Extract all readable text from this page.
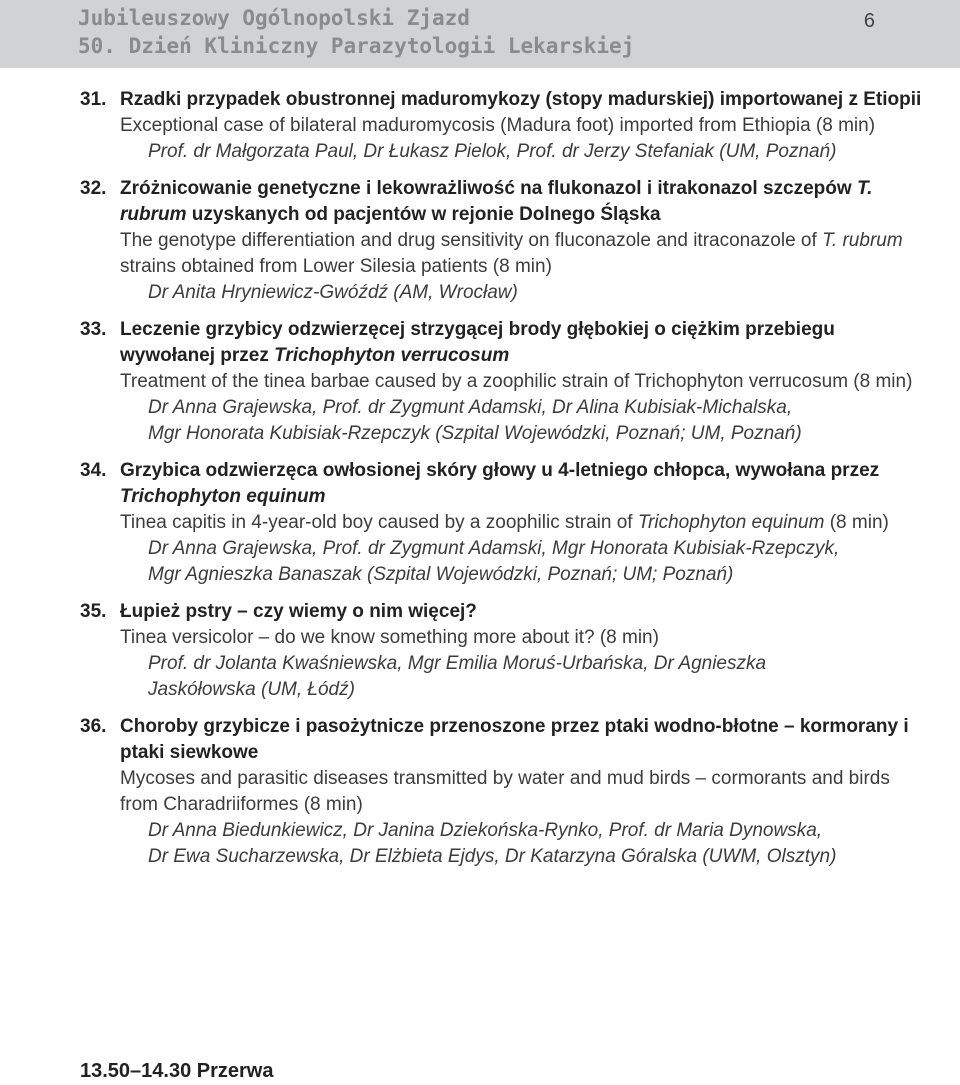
Jubileuszowy Ogólnopolski Zjazd
50. Dzień Kliniczny Parazytologii Lekarskiej
6
31. Rzadki przypadek obustronnej maduromykozy (stopy madurskiej) importowanej z Etiopii
Exceptional case of bilateral maduromycosis (Madura foot) imported from Ethiopia (8 min)
Prof. dr Małgorzata Paul, Dr Łukasz Pielok, Prof. dr Jerzy Stefaniak (UM, Poznań)
32. Zróżnicowanie genetyczne i lekowrażliwość na flukonazol i itrakonazol szczepów T. rubrum uzyskanych od pacjentów w rejonie Dolnego Śląska
The genotype differentiation and drug sensitivity on fluconazole and itraconazole of T. rubrum strains obtained from Lower Silesia patients (8 min)
Dr Anita Hryniewicz-Gwóźdź (AM, Wrocław)
33. Leczenie grzybicy odzwierzęcej strzygącej brody głębokiej o ciężkim przebiegu wywołanej przez Trichophyton verrucosum
Treatment of the tinea barbae caused by a zoophilic strain of Trichophyton verrucosum (8 min)
Dr Anna Grajewska, Prof. dr Zygmunt Adamski, Dr Alina Kubisiak-Michalska,
Mgr Honorata Kubisiak-Rzepczyk (Szpital Wojewódzki, Poznań; UM, Poznań)
34. Grzybica odzwierzęca owłosionej skóry głowy u 4-letniego chłopca, wywołana przez Trichophyton equinum
Tinea capitis in 4-year-old boy caused by a zoophilic strain of Trichophyton equinum (8 min)
Dr Anna Grajewska, Prof. dr Zygmunt Adamski, Mgr Honorata Kubisiak-Rzepczyk,
Mgr Agnieszka Banaszak (Szpital Wojewódzki, Poznań; UM; Poznań)
35. Łupież pstry – czy wiemy o nim więcej?
Tinea versicolor – do we know something more about it? (8 min)
Prof. dr Jolanta Kwaśniewska, Mgr Emilia Moruś-Urbańska, Dr Agnieszka
Jaskółowska (UM, Łódź)
36. Choroby grzybicze i pasożytnicze przenoszone przez ptaki wodno-błotne – kormorany i ptaki siewkowe
Mycoses and parasitic diseases transmitted by water and mud birds – cormorants and birds from Charadriiformes (8 min)
Dr Anna Biedunkiewicz, Dr Janina Dziekońska-Rynko, Prof. dr Maria Dynowska,
Dr Ewa Sucharzewska, Dr Elżbieta Ejdys, Dr Katarzyna Góralska (UWM, Olsztyn)
13.50–14.30 Przerwa
